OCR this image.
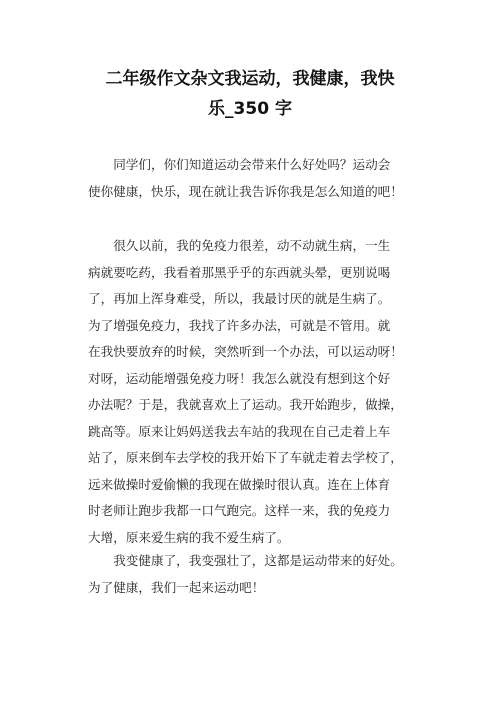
二年级作文杂文我运动，我健康，我快
乐_350 字
　　同学们，你们知道运动会带来什么好处吗？运动会
使你健康，快乐，现在就让我告诉你我是怎么知道的吧！
　　很久以前，我的免疫力很差，动不动就生病，一生
病就要吃药，我看着那黑乎乎的东西就头晕，更别说喝
了，再加上浑身难受，所以，我最讨厌的就是生病了。
为了增强免疫力，我找了许多办法，可就是不管用。就
在我快要放弃的时候，突然听到一个办法，可以运动呀！
对呀，运动能增强免疫力呀！我怎么就没有想到这个好
办法呢？于是，我就喜欢上了运动。我开始跑步，做操，
跳高等。原来让妈妈送我去车站的我现在自己走着上车
站了，原来倒车去学校的我开始下了车就走着去学校了，
远来做操时爱偷懒的我现在做操时很认真。连在上体育
时老师让跑步我都一口气跑完。这样一来，我的免疫力
大增，原来爱生病的我不爱生病了。
　　我变健康了，我变强壮了，这都是运动带来的好处。
为了健康，我们一起来运动吧！
